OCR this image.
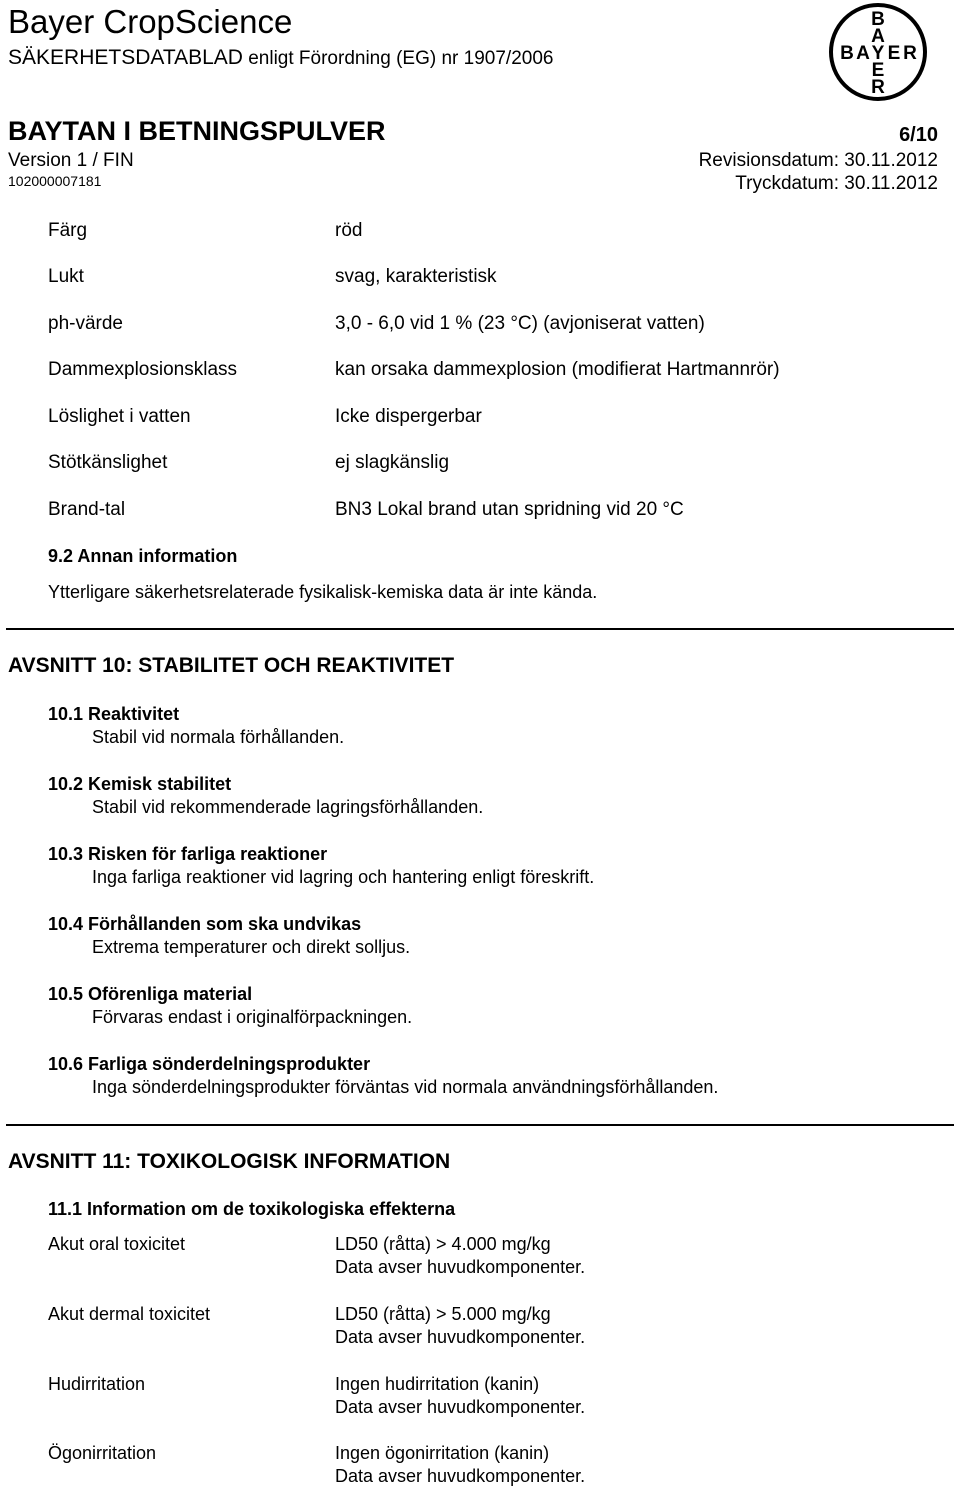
Bayer CropScience
SÄKERHETSDATABLAD enligt Förordning (EG) nr 1907/2006
B
A
B A Y E R
E
R
BAYTAN I BETNINGSPULVER	6/10
Version 1 / FIN	Revisionsdatum: 30.11.2012
102000007181	Tryckdatum: 30.11.2012
Färg	röd
Lukt	svag, karakteristisk
ph-värde	3,0 - 6,0 vid 1 % (23 °C) (avjoniserat vatten)
Dammexplosionsklass	kan orsaka dammexplosion (modifierat Hartmannrör)
Löslighet i vatten	Icke dispergerbar
Stötkänslighet	ej slagkänslig
Brand-tal	BN3 Lokal brand utan spridning vid 20 °C
9.2 Annan information
Ytterligare säkerhetsrelaterade fysikalisk-kemiska data är inte kända.
AVSNITT 10: STABILITET OCH REAKTIVITET
10.1 Reaktivitet
Stabil vid normala förhållanden.
10.2 Kemisk stabilitet
Stabil vid rekommenderade lagringsförhållanden.
10.3 Risken för farliga reaktioner
Inga farliga reaktioner vid lagring och hantering enligt föreskrift.
10.4 Förhållanden som ska undvikas
Extrema temperaturer och direkt solljus.
10.5 Oförenliga material
Förvaras endast i originalförpackningen.
10.6 Farliga sönderdelningsprodukter
Inga sönderdelningsprodukter förväntas vid normala användningsförhållanden.
AVSNITT 11: TOXIKOLOGISK INFORMATION
11.1 Information om de toxikologiska effekterna
Akut oral toxicitet	LD50 (råtta) > 4.000 mg/kg
Data avser huvudkomponenter.
Akut dermal toxicitet	LD50 (råtta) > 5.000 mg/kg
Data avser huvudkomponenter.
Hudirritation	Ingen hudirritation (kanin)
Data avser huvudkomponenter.
Ögonirritation	Ingen ögonirritation (kanin)
Data avser huvudkomponenter.
